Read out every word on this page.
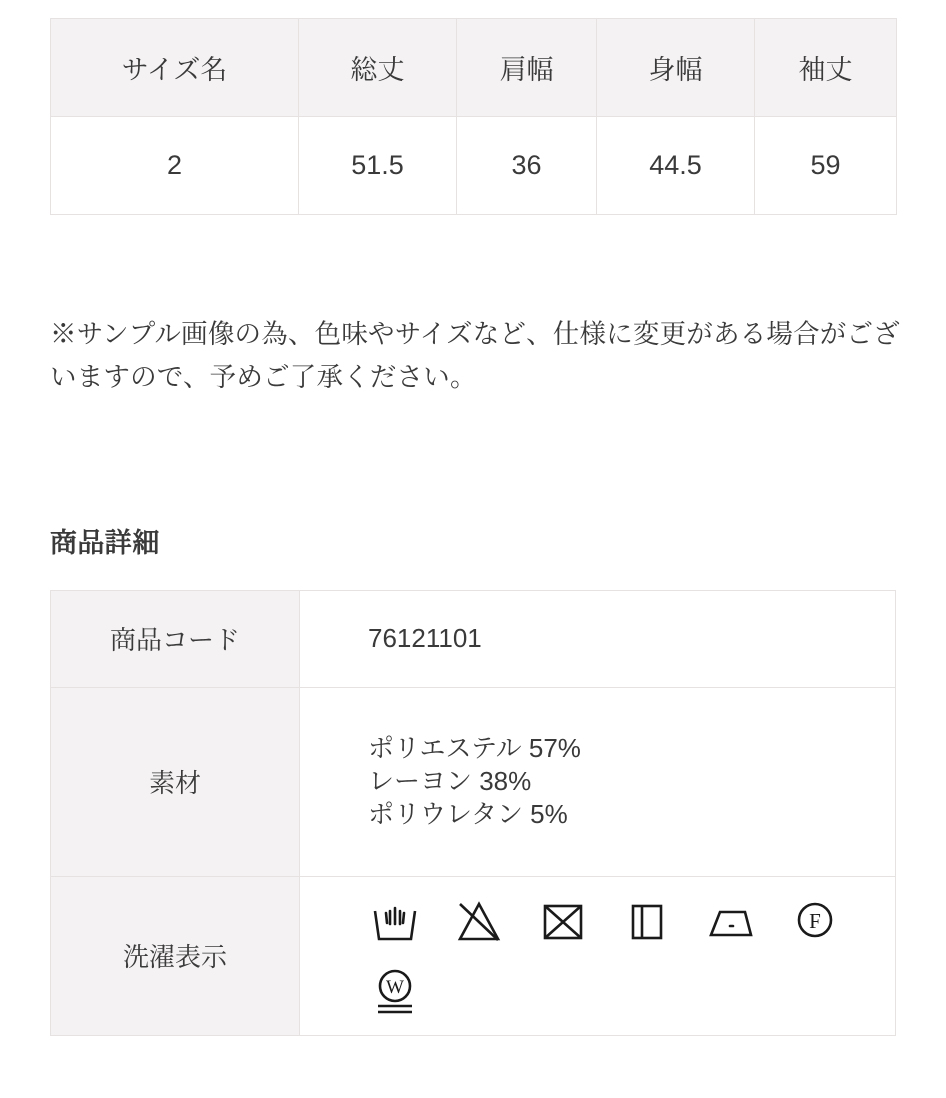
サイズ名	総丈	肩幅	身幅	袖丈
2	51.5	36	44.5	59

※サンプル画像の為、色味やサイズなど、仕様に変更がある場合がございますので、予めご了承ください。

商品詳細
商品コード	76121101
素材	ポリエステル 57%
レーヨン 38%
ポリウレタン 5%

洗濯表示	F
W
